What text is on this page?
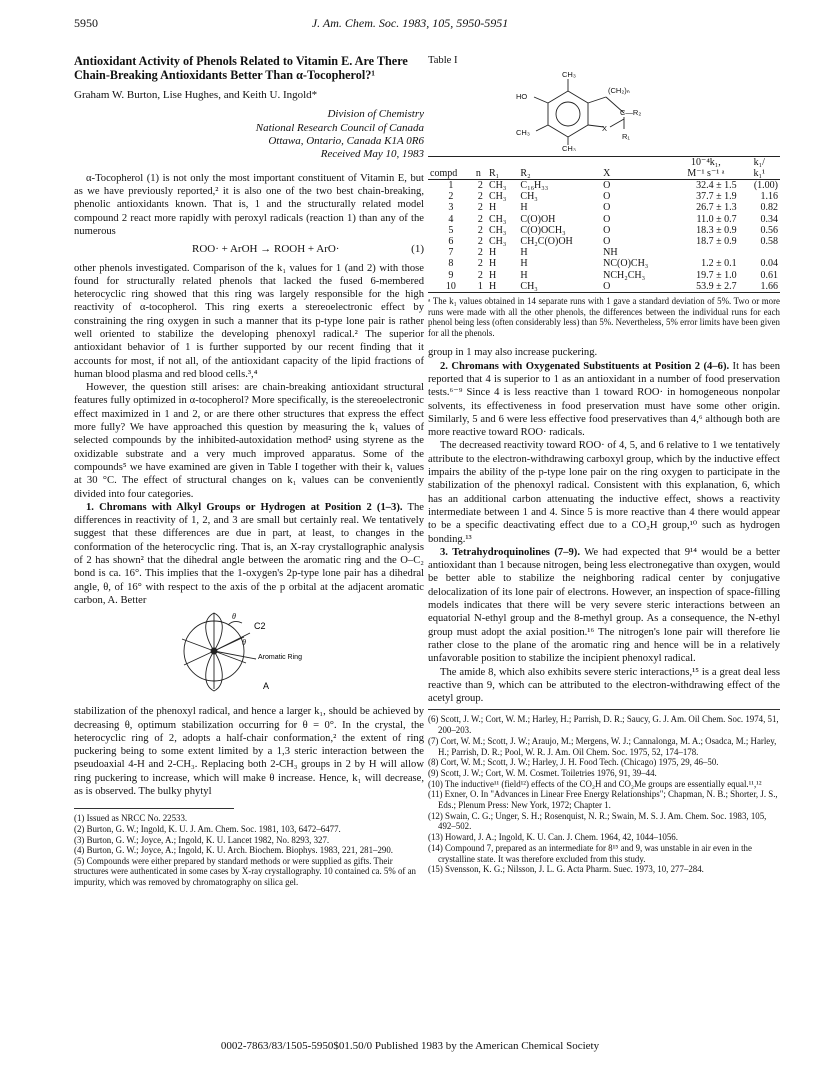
5950	J. Am. Chem. Soc. 1983, 105, 5950-5951
Antioxidant Activity of Phenols Related to Vitamin E. Are There Chain-Breaking Antioxidants Better Than α-Tocopherol?¹
Graham W. Burton, Lise Hughes, and Keith U. Ingold*
Division of Chemistry
National Research Council of Canada
Ottawa, Ontario, Canada K1A 0R6
Received May 10, 1983

α-Tocopherol (1) is not only the most important constituent of Vitamin E, but as we have previously reported,² it is also one of the two best chain-breaking, phenolic antioxidants known. That is, 1 and the structurally related model compound 2 react more rapidly with peroxyl radicals (reaction 1) than any of the numerous

ROO· + ArOH → ROOH + ArO·	(1)

other phenols investigated. Comparison of the k₁ values for 1 (and 2) with those found for structurally related phenols that lacked the fused 6-membered heterocyclic ring showed that this ring was largely responsible for the high reactivity of α-tocopherol. This ring exerts a stereoelectronic effect by constraining the ring oxygen in such a manner that its p-type lone pair is rather well oriented to stabilize the developing phenoxyl radical.² The superior antioxidant behavior of 1 is further supported by our recent finding that it accounts for most, if not all, of the antioxidant capacity of the lipid fractions of human blood plasma and red blood cells.³,⁴

However, the question still arises: are chain-breaking antioxidant structural features fully optimized in α-tocopherol? More specifically, is the stereoelectronic effect maximized in 1 and 2, or are there other structures that express the effect more fully? We have approached this question by measuring the k₁ values of selected compounds by the inhibited-autoxidation method² using styrene as the oxidizable substrate and a very much improved apparatus. Some of the compounds⁵ we have examined are given in Table I together with their k₁ values at 30 °C. The effect of structural changes on k₁ values can be conveniently divided into four categories.

1. Chromans with Alkyl Groups or Hydrogen at Position 2 (1–3). The differences in reactivity of 1, 2, and 3 are small but certainly real. We tentatively suggest that these differences are due in part, at least, to changes in the conformation of the heterocyclic ring. That is, an X-ray crystallographic analysis of 2 has shown² that the dihedral angle between the aromatic ring and the O–C₂ bond is ca. 16°. This implies that the 1-oxygen's 2p-type lone pair has a dihedral angle, θ, of 16° with respect to the axis of the p orbital at the adjacent aromatic carbon, A. Better

C2
θ
θ
Aromatic Ring
A

stabilization of the phenoxyl radical, and hence a larger k₁, should be achieved by decreasing θ, optimum stabilization occurring for θ = 0°. In the crystal, the heterocyclic ring of 2, adopts a half-chair conformation,² the extent of ring puckering being to some extent limited by a 1,3 steric interaction between the pseudoaxial 4-H and 2-CH₃. Replacing both 2-CH₃ groups in 2 by H will allow ring puckering to increase, which will make θ increase. Hence, k₁ will decrease, as is observed. The bulky phytyl

(1) Issued as NRCC No. 22533.
(2) Burton, G. W.; Ingold, K. U. J. Am. Chem. Soc. 1981, 103, 6472–6477.
(3) Burton, G. W.; Joyce, A.; Ingold, K. U. Lancet 1982, No. 8293, 327.
(4) Burton, G. W.; Joyce, A.; Ingold, K. U. Arch. Biochem. Biophys. 1983, 221, 281–290.
(5) Compounds were either prepared by standard methods or were supplied as gifts. Their structures were authenticated in some cases by X-ray crystallography. 10 contained ca. 5% of an impurity, which was removed by chromatography on silica gel.
Table I
CH₃
HO
(CH₂)ₙ
C—R₂
X
R₁
CH₃
CH₃
					10⁻⁴k₁,	k₁/
compd	n	R₁	R₂	X	M⁻¹ s⁻¹ ᵃ	k₁¹
1	2	CH₃	C₁₆H₃₃	O	32.4 ± 1.5	(1.00)
2	2	CH₃	CH₃	O	37.7 ± 1.9	1.16
3	2	H	H	O	26.7 ± 1.3	0.82
4	2	CH₃	C(O)OH	O	11.0 ± 0.7	0.34
5	2	CH₃	C(O)OCH₃	O	18.3 ± 0.9	0.56
6	2	CH₃	CH₂C(O)OH	O	18.7 ± 0.9	0.58
7	2	H	H	NH		
8	2	H	H	NC(O)CH₃	1.2 ± 0.1	0.04
9	2	H	H	NCH₂CH₃	19.7 ± 1.0	0.61
10	1	H	CH₃	O	53.9 ± 2.7	1.66
ᵃ The k₁ values obtained in 14 separate runs with 1 gave a standard deviation of 5%. Two or more runs were made with all the other phenols, the differences between the individual runs for each phenol being less (often considerably less) than 5%. Nevertheless, 5% error limits have been given for all the phenols.

group in 1 may also increase puckering.

2. Chromans with Oxygenated Substituents at Position 2 (4–6). It has been reported that 4 is superior to 1 as an antioxidant in a number of food preservation tests.⁶⁻⁹ Since 4 is less reactive than 1 toward ROO· in homogeneous nonpolar solvents, its effectiveness in food preservation must have some other origin. Similarly, 5 and 6 were less effective food preservatives than 4,⁶ although both are more reactive toward ROO· radicals.

The decreased reactivity toward ROO· of 4, 5, and 6 relative to 1 we tentatively attribute to the electron-withdrawing carboxyl group, which by the inductive effect impairs the ability of the p-type lone pair on the ring oxygen to participate in the stabilization of the phenoxyl radical. Consistent with this explanation, 6, which has an additional carbon attenuating the inductive effect, shows a reactivity intermediate between 1 and 4. Since 5 is more reactive than 4 there would appear to be a specific deactivating effect due to a CO₂H group,¹⁰ such as hydrogen bonding.¹³

3. Tetrahydroquinolines (7–9). We had expected that 9¹⁴ would be a better antioxidant than 1 because nitrogen, being less electronegative than oxygen, would be better able to stabilize the neighboring radical center by conjugative delocalization of its lone pair of electrons. However, an inspection of space-filling models indicates that there will be very severe steric interactions between an equatorial N-ethyl group and the 8-methyl group. As a consequence, the N-ethyl group must adopt the axial position.¹⁶ The nitrogen's lone pair will therefore lie rather close to the plane of the aromatic ring and hence will be in a relatively unfavorable position to stabilize the incipient phenoxyl radical.

The amide 8, which also exhibits severe steric interactions,¹⁵ is a great deal less reactive than 9, which can be attributed to the electron-withdrawing effect of the acetyl group.

(6) Scott, J. W.; Cort, W. M.; Harley, H.; Parrish, D. R.; Saucy, G. J. Am. Oil Chem. Soc. 1974, 51, 200–203.
(7) Cort, W. M.; Scott, J. W.; Araujo, M.; Mergens, W. J.; Cannalonga, M. A.; Osadca, M.; Harley, H.; Parrish, D. R.; Pool, W. R. J. Am. Oil Chem. Soc. 1975, 52, 174–178.
(8) Cort, W. M.; Scott, J. W.; Harley, J. H. Food Tech. (Chicago) 1975, 29, 46–50.
(9) Scott, J. W.; Cort, W. M. Cosmet. Toiletries 1976, 91, 39–44.
(10) The inductive¹¹ (field¹²) effects of the CO₂H and CO₂Me groups are essentially equal.¹¹,¹²
(11) Exner, O. In "Advances in Linear Free Energy Relationships"; Chapman, N. B.; Shorter, J. S., Eds.; Plenum Press: New York, 1972; Chapter 1.
(12) Swain, C. G.; Unger, S. H.; Rosenquist, N. R.; Swain, M. S. J. Am. Chem. Soc. 1983, 105, 492–502.
(13) Howard, J. A.; Ingold, K. U. Can. J. Chem. 1964, 42, 1044–1056.
(14) Compound 7, prepared as an intermediate for 8¹⁵ and 9, was unstable in air even in the crystalline state. It was therefore excluded from this study.
(15) Svensson, K. G.; Nilsson, J. L. G. Acta Pharm. Suec. 1973, 10, 277–284.
0002-7863/83/1505-5950$01.50/0 Published 1983 by the American Chemical Society
